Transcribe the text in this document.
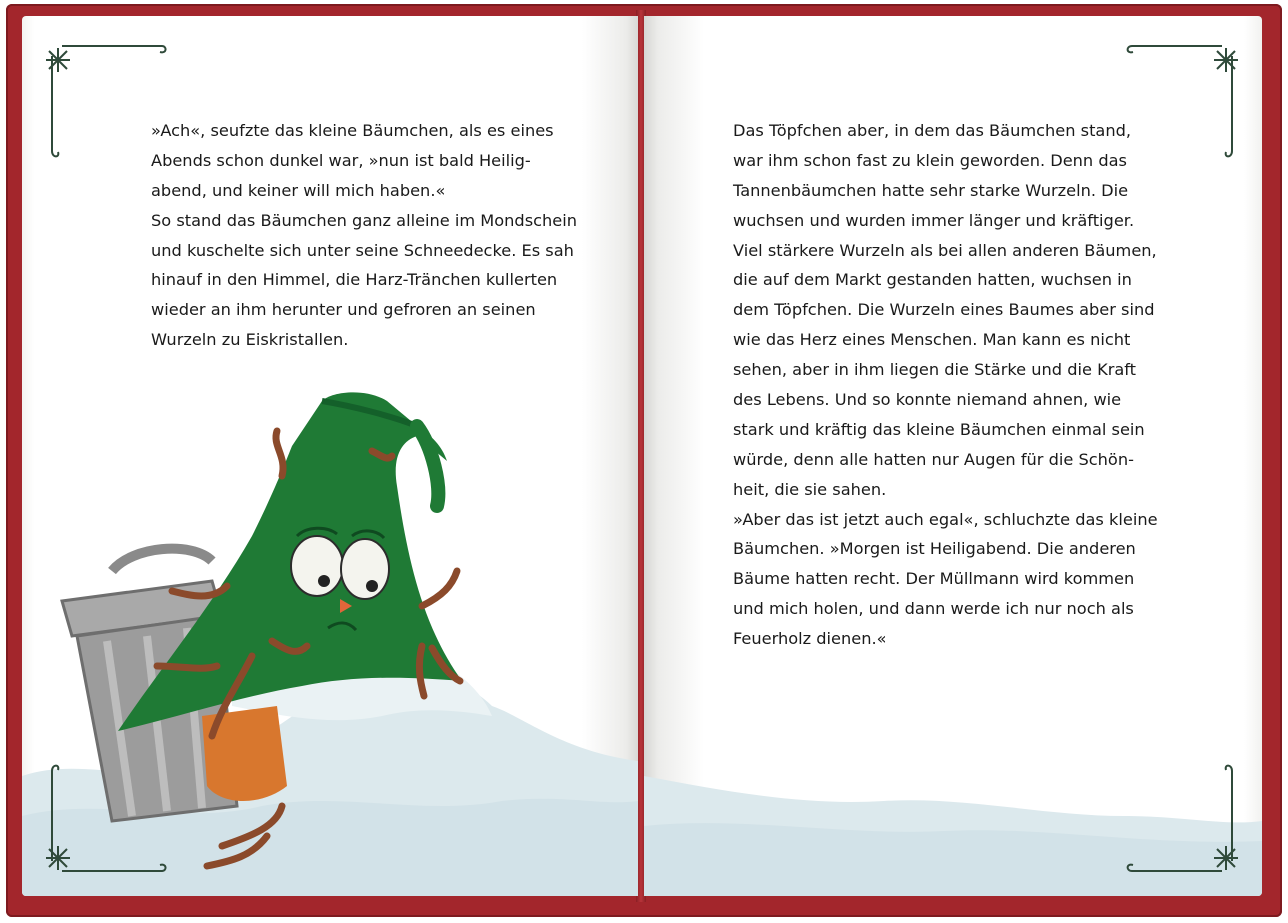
»Ach«, seufzte das kleine Bäumchen, als es eines
Abends schon dunkel war, »nun ist bald Heilig-
abend, und keiner will mich haben.«
So stand das Bäumchen ganz alleine im Mondschein
und kuschelte sich unter seine Schneedecke. Es sah
hinauf in den Himmel, die Harz-Tränchen kullerten
wieder an ihm herunter und gefroren an seinen
Wurzeln zu Eiskristallen.
Das Töpfchen aber, in dem das Bäumchen stand,
war ihm schon fast zu klein geworden. Denn das
Tannenbäumchen hatte sehr starke Wurzeln. Die
wuchsen und wurden immer länger und kräftiger.
Viel stärkere Wurzeln als bei allen anderen Bäumen,
die auf dem Markt gestanden hatten, wuchsen in
dem Töpfchen. Die Wurzeln eines Baumes aber sind
wie das Herz eines Menschen. Man kann es nicht
sehen, aber in ihm liegen die Stärke und die Kraft
des Lebens. Und so konnte niemand ahnen, wie
stark und kräftig das kleine Bäumchen einmal sein
würde, denn alle hatten nur Augen für die Schön-
heit, die sie sahen.
»Aber das ist jetzt auch egal«, schluchzte das kleine
Bäumchen. »Morgen ist Heiligabend. Die anderen
Bäume hatten recht. Der Müllmann wird kommen
und mich holen, und dann werde ich nur noch als
Feuerholz dienen.«
